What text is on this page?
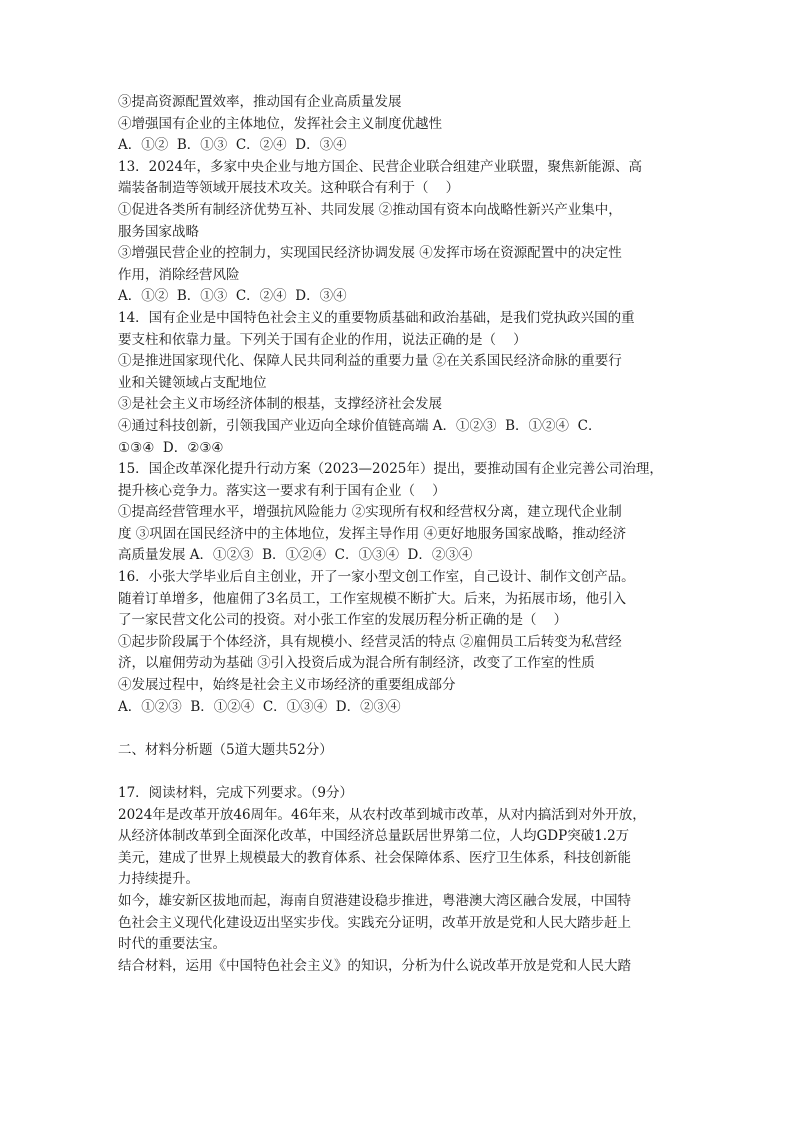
③提高资源配置效率，推动国有企业高质量发展
④增强国有企业的主体地位，发挥社会主义制度优越性
A．①②  B．①③  C．②④  D．③④
13．2024年，多家中央企业与地方国企、民营企业联合组建产业联盟，聚焦新能源、高
端装备制造等领域开展技术攻关。这种联合有利于（    ）
①促进各类所有制经济优势互补、共同发展 ②推动国有资本向战略性新兴产业集中，
服务国家战略
③增强民营企业的控制力，实现国民经济协调发展 ④发挥市场在资源配置中的决定性
作用，消除经营风险
A．①②  B．①③  C．②④  D．③④
14．国有企业是中国特色社会主义的重要物质基础和政治基础，是我们党执政兴国的重
要支柱和依靠力量。下列关于国有企业的作用，说法正确的是（    ）
①是推进国家现代化、保障人民共同利益的重要力量 ②在关系国民经济命脉的重要行
业和关键领域占支配地位
③是社会主义市场经济体制的根基，支撑经济社会发展
④通过科技创新，引领我国产业迈向全球价值链高端 A．①②③  B．①②④  C．
①③④  D．②③④
15．国企改革深化提升行动方案（2023—2025年）提出，要推动国有企业完善公司治理，
提升核心竞争力。落实这一要求有利于国有企业（    ）
①提高经营管理水平，增强抗风险能力 ②实现所有权和经营权分离，建立现代企业制
度 ③巩固在国民经济中的主体地位，发挥主导作用 ④更好地服务国家战略，推动经济
高质量发展 A．①②③  B．①②④  C．①③④  D．②③④
16．小张大学毕业后自主创业，开了一家小型文创工作室，自己设计、制作文创产品。
随着订单增多，他雇佣了3名员工，工作室规模不断扩大。后来，为拓展市场，他引入
了一家民营文化公司的投资。对小张工作室的发展历程分析正确的是（    ）
①起步阶段属于个体经济，具有规模小、经营灵活的特点 ②雇佣员工后转变为私营经
济，以雇佣劳动为基础 ③引入投资后成为混合所有制经济，改变了工作室的性质
④发展过程中，始终是社会主义市场经济的重要组成部分
A．①②③  B．①②④  C．①③④  D．②③④
二、材料分析题（5道大题共52分）
17．阅读材料，完成下列要求。（9分）
2024年是改革开放46周年。46年来，从农村改革到城市改革，从对内搞活到对外开放，
从经济体制改革到全面深化改革，中国经济总量跃居世界第二位，人均GDP突破1.2万
美元，建成了世界上规模最大的教育体系、社会保障体系、医疗卫生体系，科技创新能
力持续提升。
如今，雄安新区拔地而起，海南自贸港建设稳步推进，粤港澳大湾区融合发展，中国特
色社会主义现代化建设迈出坚实步伐。实践充分证明，改革开放是党和人民大踏步赶上
时代的重要法宝。
结合材料，运用《中国特色社会主义》的知识，分析为什么说改革开放是党和人民大踏
